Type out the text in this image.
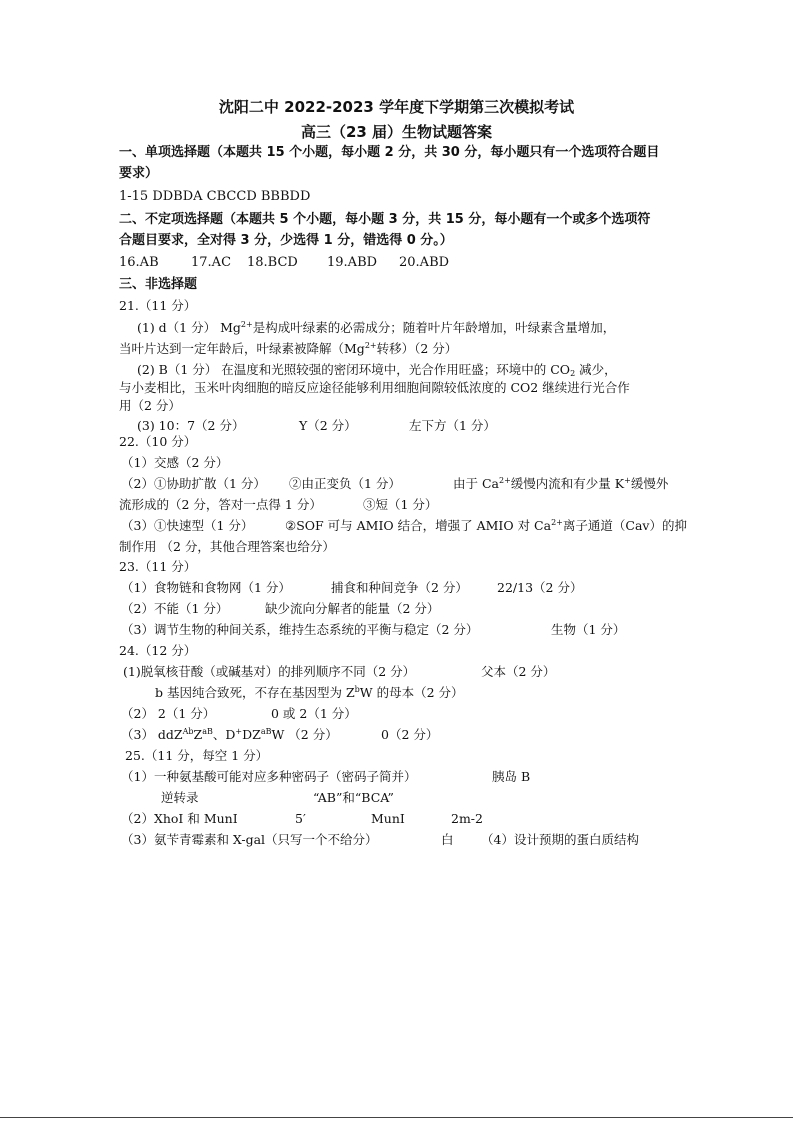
沈阳二中 2022-2023 学年度下学期第三次模拟考试
高三（23 届）生物试题答案
一、单项选择题（本题共 15 个小题，每小题 2 分，共 30 分，每小题只有一个选项符合题目
要求）
1-15 DDBDA CBCCD BBBDD
二、不定项选择题（本题共 5 个小题，每小题 3 分，共 15 分，每小题有一个或多个选项符
合题目要求，全对得 3 分，少选得 1 分，错选得 0 分。）
16.AB 17.AC 18.BCD 19.ABD 20.ABD
三、非选择题
21.（11 分）
(1) d（1 分） $Mg^{2+}$是构成叶绿素的必需成分；随着叶片年龄增加，叶绿素含量增加，
当叶片达到一定年龄后，叶绿素被降解（$Mg^{2+}$转移）（2 分）
(2) B（1 分） 在温度和光照较强的密闭环境中，光合作用旺盛；环境中的 $CO_2$ 减少，
与小麦相比，玉米叶肉细胞的暗反应途径能够利用细胞间隙较低浓度的 CO2 继续进行光合作
用（2 分）
(3) 10：7（2 分）	Y（2 分）	左下方（1 分）
22.（10 分）
（1）交感（2 分）
（2）①协助扩散（1 分） ②由正变负（1 分）	由于 $Ca^{2+}$缓慢内流和有少量 K+缓慢外
流形成的（2 分，答对一点得 1 分）	③短（1 分）
（3）①快速型（1 分）	②SOF 可与 AMIO 结合，增强了 AMIO 对 $Ca^{2+}$离子通道（Cav）的抑
制作用 （2 分，其他合理答案也给分）
23.（11 分）
（1）食物链和食物网（1 分）	捕食和种间竞争（2 分） 22/13（2 分）
（2）不能（1 分）	缺少流向分解者的能量（2 分）
（3）调节生物的种间关系，维持生态系统的平衡与稳定（2 分）	生物（1 分）
24.（12 分）
(1)脱氧核苷酸（或碱基对）的排列顺序不同（2 分）	父本（2 分）
b 基因纯合致死，不存在基因型为 $Z^bW$ 的母本（2 分）
（2） 2（1 分）	0 或 2（1 分）
（3） $ddZ^{Ab}Z^{aB}$、$D^+DZ^{aB}W$ （2 分）	0（2 分）
25.（11 分，每空 1 分）
（1）一种氨基酸可能对应多种密码子（密码子简并）	胰岛 B
逆转录	“AB”和“BCA”
（2）XhoI 和 MunI	5′	MunI	2m-2
（3）氨苄青霉素和 X-gal（只写一个不给分）	白 （4）设计预期的蛋白质结构
